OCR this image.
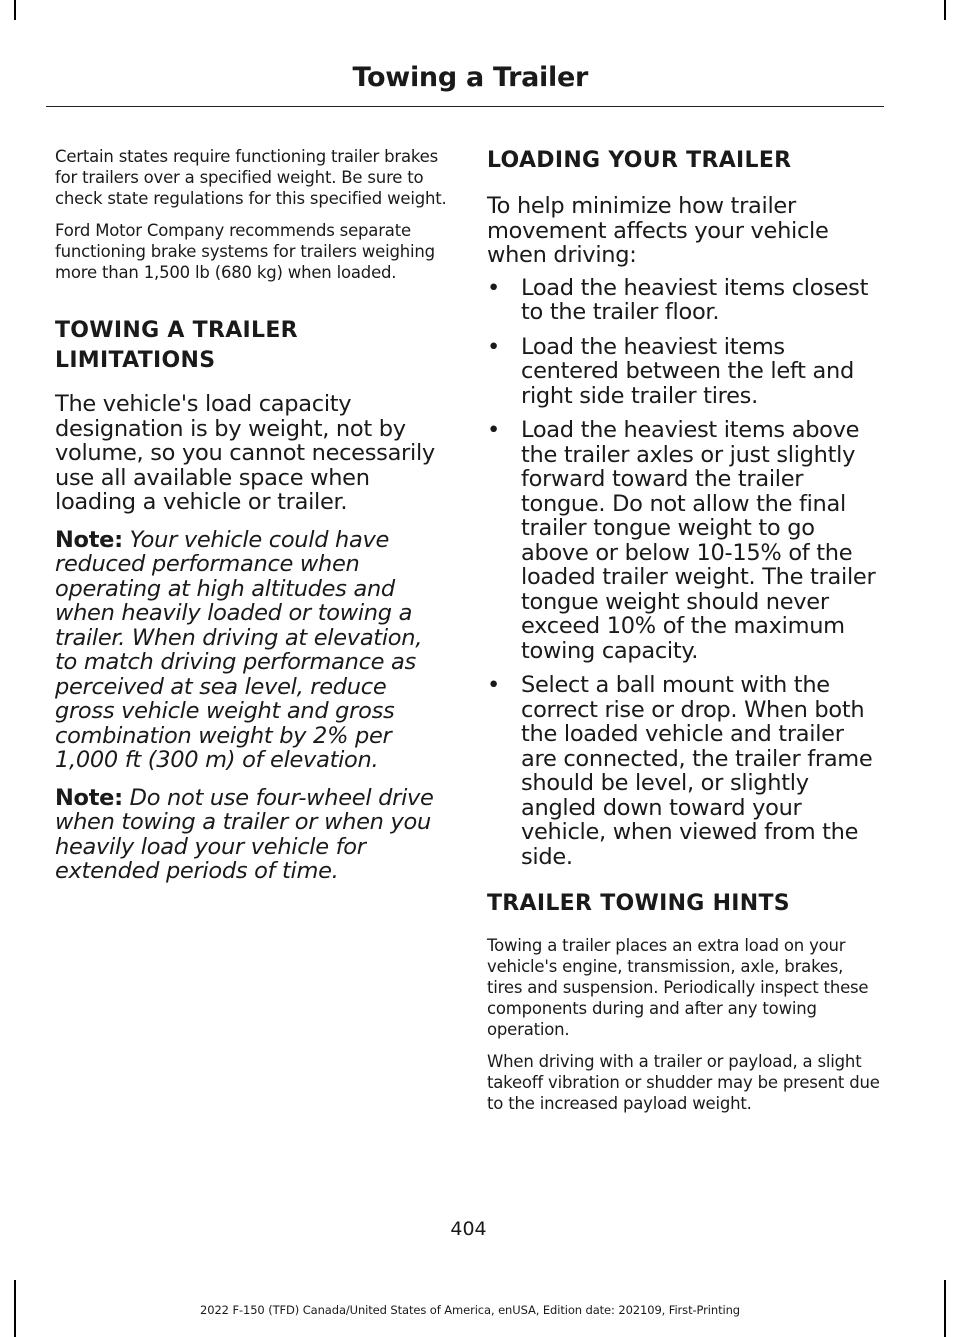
Towing a Trailer

Certain states require functioning trailer brakes for trailers over a specified weight. Be sure to check state regulations for this specified weight.

Ford Motor Company recommends separate functioning brake systems for trailers weighing more than 1,500 lb (680 kg) when loaded.

TOWING A TRAILER
LIMITATIONS

The vehicle's load capacity designation is by weight, not by volume, so you cannot necessarily use all available space when loading a vehicle or trailer.

Note: Your vehicle could have reduced performance when operating at high altitudes and when heavily loaded or towing a trailer. When driving at elevation, to match driving performance as perceived at sea level, reduce gross vehicle weight and gross combination weight by 2% per 1,000 ft (300 m) of elevation.

Note: Do not use four-wheel drive when towing a trailer or when you heavily load your vehicle for extended periods of time.

LOADING YOUR TRAILER

To help minimize how trailer movement affects your vehicle when driving:

• Load the heaviest items closest to the trailer floor.
• Load the heaviest items centered between the left and right side trailer tires.
• Load the heaviest items above the trailer axles or just slightly forward toward the trailer tongue. Do not allow the final trailer tongue weight to go above or below 10-15% of the loaded trailer weight. The trailer tongue weight should never exceed 10% of the maximum towing capacity.
• Select a ball mount with the correct rise or drop. When both the loaded vehicle and trailer are connected, the trailer frame should be level, or slightly angled down toward your vehicle, when viewed from the side.
TRAILER TOWING HINTS

Towing a trailer places an extra load on your vehicle's engine, transmission, axle, brakes, tires and suspension. Periodically inspect these components during and after any towing operation.

When driving with a trailer or payload, a slight takeoff vibration or shudder may be present due to the increased payload weight.

404
2022 F-150 (TFD) Canada/United States of America, enUSA, Edition date: 202109, First-Printing
